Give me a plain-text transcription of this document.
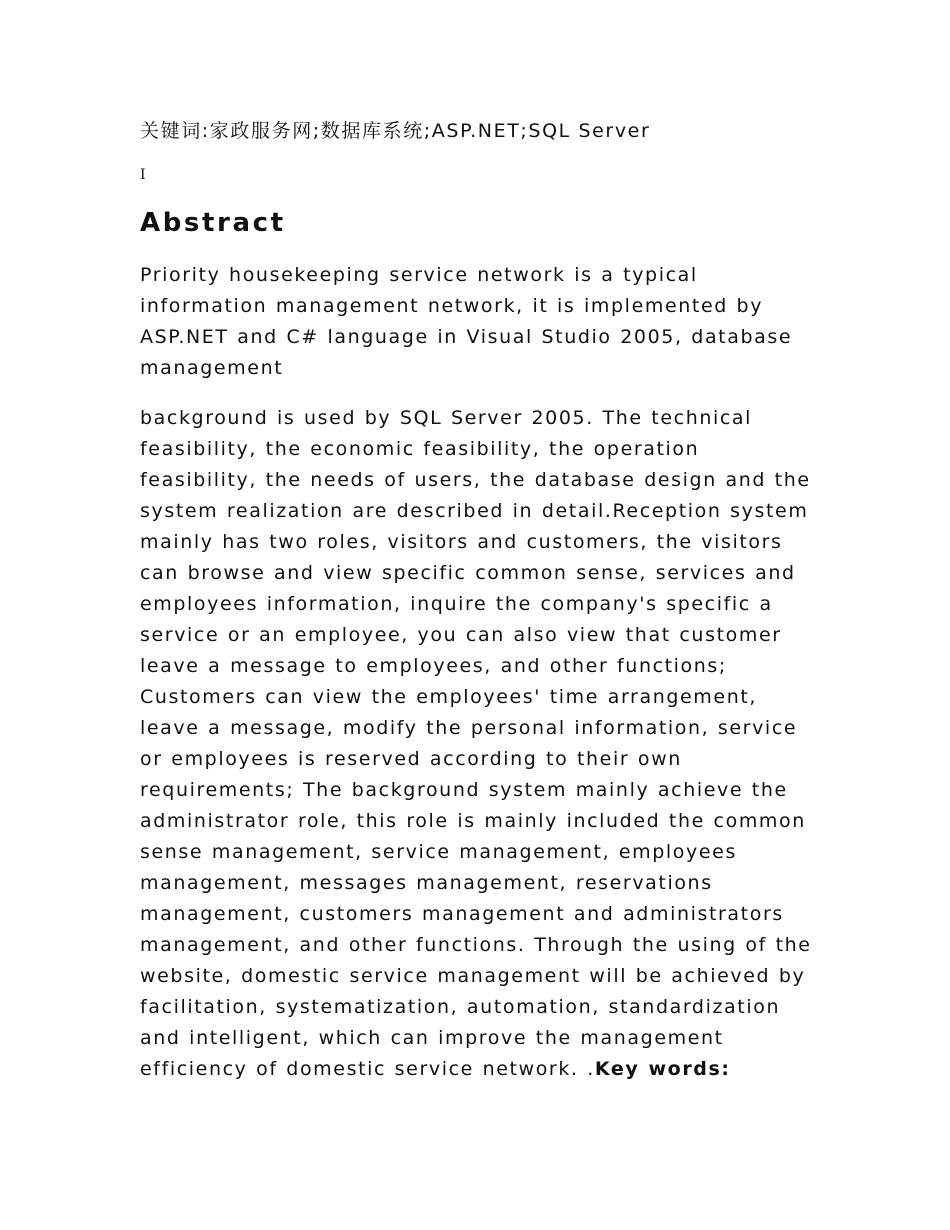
关键词:家政服务网;数据库系统;ASP.NET;SQL Server

I

Abstract

Priority housekeeping service network is a typical information management network, it is implemented by ASP.NET and C# language in Visual Studio 2005, database management

background is used by SQL Server 2005. The technical feasibility, the economic feasibility, the operation feasibility, the needs of users, the database design and the system realization are described in detail.Reception system mainly has two roles, visitors and customers, the visitors can browse and view specific common sense, services and employees information, inquire the company's specific a service or an employee, you can also view that customer leave a message to employees, and other functions; Customers can view the employees' time arrangement, leave a message, modify the personal information, service or employees is reserved according to their own requirements; The background system mainly achieve the administrator role, this role is mainly included the common sense management, service management, employees management, messages management, reservations management, customers management and administrators management, and other functions. Through the using of the website, domestic service management will be achieved by facilitation, systematization, automation, standardization and intelligent, which can improve the management efficiency of domestic service network. .Key words:
